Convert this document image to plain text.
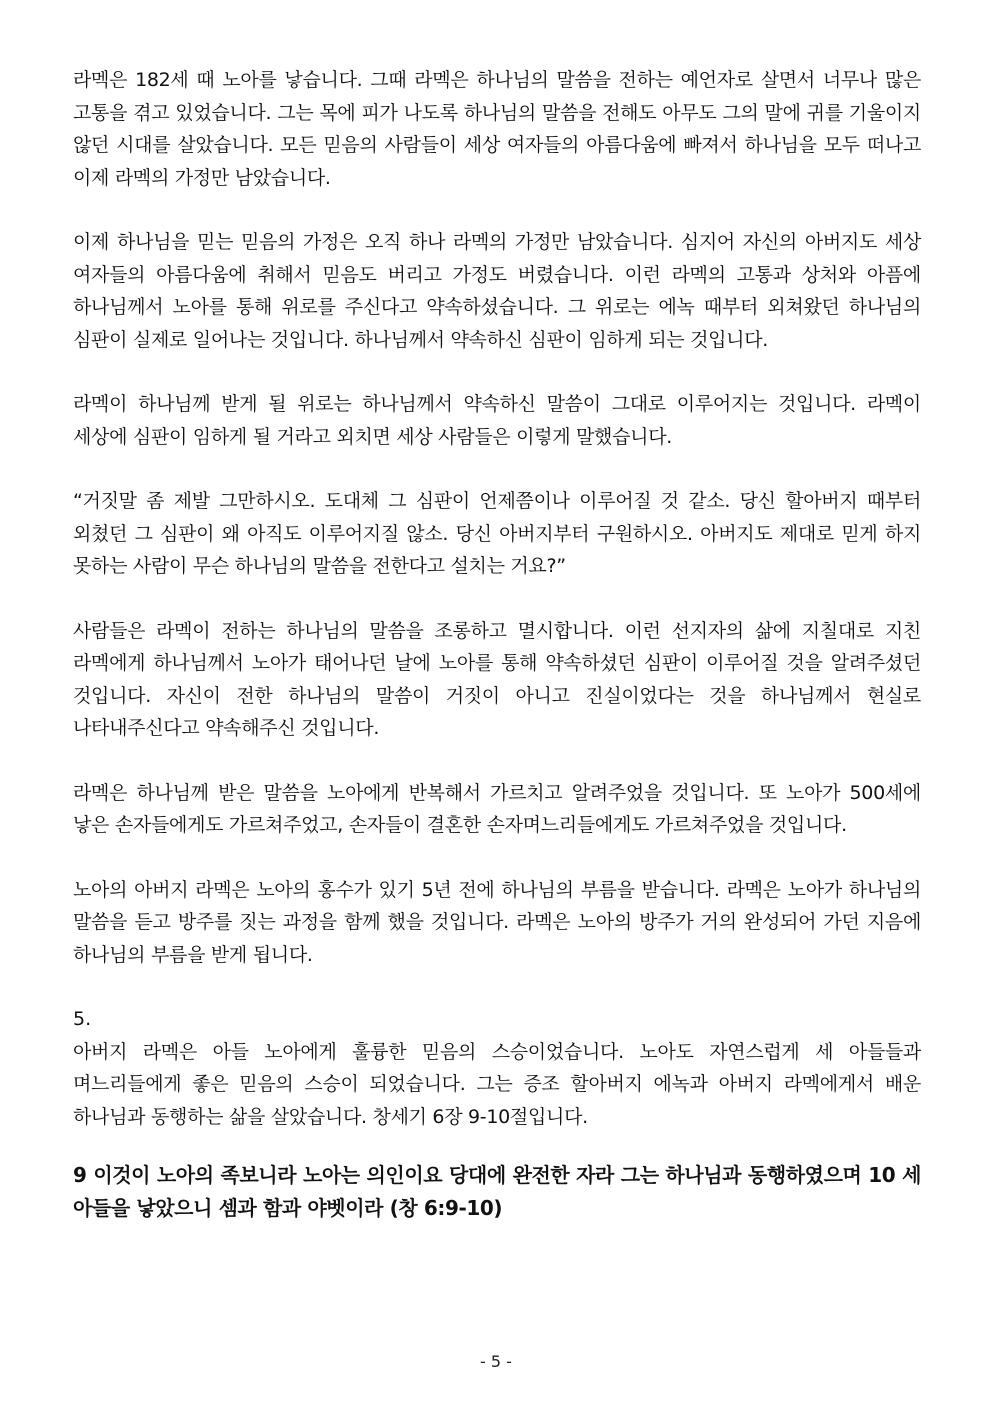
라멕은 182세 때 노아를 낳습니다. 그때 라멕은 하나님의 말씀을 전하는 예언자로 살면서 너무나 많은 고통을 겪고 있었습니다. 그는 목에 피가 나도록 하나님의 말씀을 전해도 아무도 그의 말에 귀를 기울이지 않던 시대를 살았습니다. 모든 믿음의 사람들이 세상 여자들의 아름다움에 빠져서 하나님을 모두 떠나고 이제 라멕의 가정만 남았습니다.

이제 하나님을 믿는 믿음의 가정은 오직 하나 라멕의 가정만 남았습니다. 심지어 자신의 아버지도 세상 여자들의 아름다움에 취해서 믿음도 버리고 가정도 버렸습니다. 이런 라멕의 고통과 상처와 아픔에 하나님께서 노아를 통해 위로를 주신다고 약속하셨습니다. 그 위로는 에녹 때부터 외쳐왔던 하나님의 심판이 실제로 일어나는 것입니다. 하나님께서 약속하신 심판이 임하게 되는 것입니다.

라멕이 하나님께 받게 될 위로는 하나님께서 약속하신 말씀이 그대로 이루어지는 것입니다. 라멕이 세상에 심판이 임하게 될 거라고 외치면 세상 사람들은 이렇게 말했습니다.

“거짓말 좀 제발 그만하시오. 도대체 그 심판이 언제쯤이나 이루어질 것 같소. 당신 할아버지 때부터 외쳤던 그 심판이 왜 아직도 이루어지질 않소. 당신 아버지부터 구원하시오. 아버지도 제대로 믿게 하지 못하는 사람이 무슨 하나님의 말씀을 전한다고 설치는 거요?”

사람들은 라멕이 전하는 하나님의 말씀을 조롱하고 멸시합니다. 이런 선지자의 삶에 지칠대로 지친 라멕에게 하나님께서 노아가 태어나던 날에 노아를 통해 약속하셨던 심판이 이루어질 것을 알려주셨던 것입니다. 자신이 전한 하나님의 말씀이 거짓이 아니고 진실이었다는 것을 하나님께서 현실로 나타내주신다고 약속해주신 것입니다.

라멕은 하나님께 받은 말씀을 노아에게 반복해서 가르치고 알려주었을 것입니다. 또 노아가 500세에 낳은 손자들에게도 가르쳐주었고, 손자들이 결혼한 손자며느리들에게도 가르쳐주었을 것입니다.

노아의 아버지 라멕은 노아의 홍수가 있기 5년 전에 하나님의 부름을 받습니다. 라멕은 노아가 하나님의 말씀을 듣고 방주를 짓는 과정을 함께 했을 것입니다. 라멕은 노아의 방주가 거의 완성되어 가던 지음에 하나님의 부름을 받게 됩니다.

5.

아버지 라멕은 아들 노아에게 훌륭한 믿음의 스승이었습니다. 노아도 자연스럽게 세 아들들과 며느리들에게 좋은 믿음의 스승이 되었습니다. 그는 증조 할아버지 에녹과 아버지 라멕에게서 배운 하나님과 동행하는 삶을 살았습니다. 창세기 6장 9-10절입니다.

9 이것이 노아의 족보니라 노아는 의인이요 당대에 완전한 자라 그는 하나님과 동행하였으며 10 세 아들을 낳았으니 셈과 함과 야벳이라 (창 6:9-10)

- 5 -
